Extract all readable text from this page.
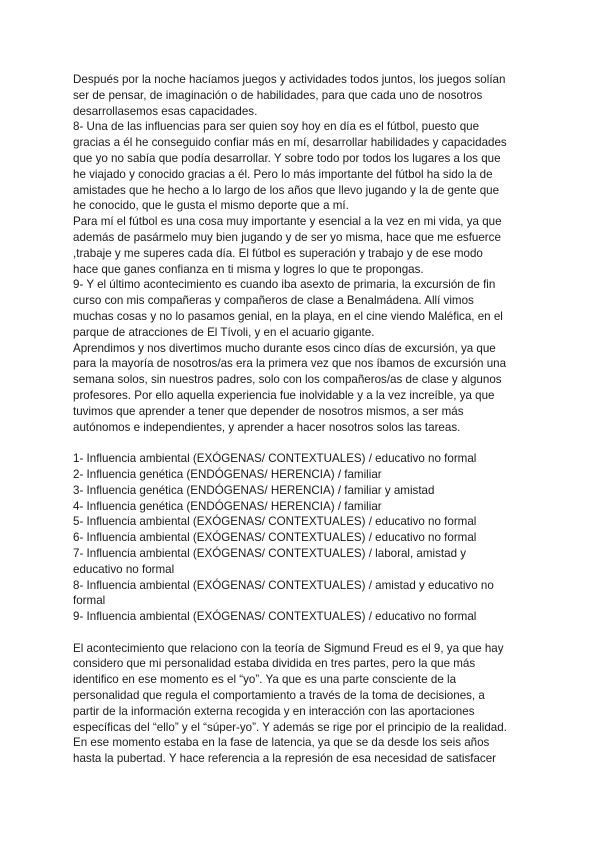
Después por la noche hacíamos juegos y actividades todos juntos, los juegos solían

ser de pensar, de imaginación o de habilidades, para que cada uno de nosotros

desarrollasemos esas capacidades.

8- Una de las influencias para ser quien soy hoy en día es el fútbol, puesto que

gracias a él he conseguido confiar más en mí, desarrollar habilidades y capacidades

que yo no sabía que podía desarrollar. Y sobre todo por todos los lugares a los que

he viajado y conocido gracias a él. Pero lo más importante del fútbol ha sido la de

amistades que he hecho a lo largo de los años que llevo jugando y la de gente que

he conocido, que le gusta el mismo deporte que a mí.

Para mí el fútbol es una cosa muy importante y esencial a la vez en mi vida, ya que

además de pasármelo muy bien jugando y de ser yo misma, hace que me esfuerce

,trabaje y me superes cada día. El fútbol es superación y trabajo y de ese modo

hace que ganes confianza en ti misma y logres lo que te propongas.

9- Y el último acontecimiento es cuando iba asexto de primaria, la excursión de fin

curso con mis compañeras y compañeros de clase a Benalmádena. Allí vimos

muchas cosas y no lo pasamos genial, en la playa, en el cine viendo Maléfica, en el

parque de atracciones de El Tívoli, y en el acuario gigante.

Aprendimos y nos divertimos mucho durante esos cinco días de excursión, ya que

para la mayoría de nosotros/as era la primera vez que nos íbamos de excursión una

semana solos, sin nuestros padres, solo con los compañeros/as de clase y algunos

profesores. Por ello aquella experiencia fue inolvidable y a la vez increíble, ya que

tuvimos que aprender a tener que depender de nosotros mismos, a ser más

autónomos e independientes, y aprender a hacer nosotros solos las tareas.

1- Influencia ambiental (EXÓGENAS/ CONTEXTUALES) / educativo no formal

2- Influencia genética (ENDÓGENAS/ HERENCIA) / familiar

3- Influencia genética (ENDÓGENAS/ HERENCIA) / familiar y amistad

4- Influencia genética (ENDÓGENAS/ HERENCIA) / familiar

5- Influencia ambiental (EXÓGENAS/ CONTEXTUALES) / educativo no formal

6- Influencia ambiental (EXÓGENAS/ CONTEXTUALES) / educativo no formal

7- Influencia ambiental (EXÓGENAS/ CONTEXTUALES) / laboral, amistad y

educativo no formal

8- Influencia ambiental (EXÓGENAS/ CONTEXTUALES) / amistad y educativo no

formal

9- Influencia ambiental (EXÓGENAS/ CONTEXTUALES) / educativo no formal

El acontecimiento que relaciono con la teoría de Sigmund Freud es el 9, ya que hay

considero que mi personalidad estaba dividida en tres partes, pero la que más

identifico en ese momento es el “yo”. Ya que es una parte consciente de la

personalidad que regula el comportamiento a través de la toma de decisiones, a

partir de la información externa recogida y en interacción con las aportaciones

específicas del “ello” y el “súper-yo”. Y además se rige por el principio de la realidad.

En ese momento estaba en la fase de latencia, ya que se da desde los seis años

hasta la pubertad. Y hace referencia a la represión de esa necesidad de satisfacer
